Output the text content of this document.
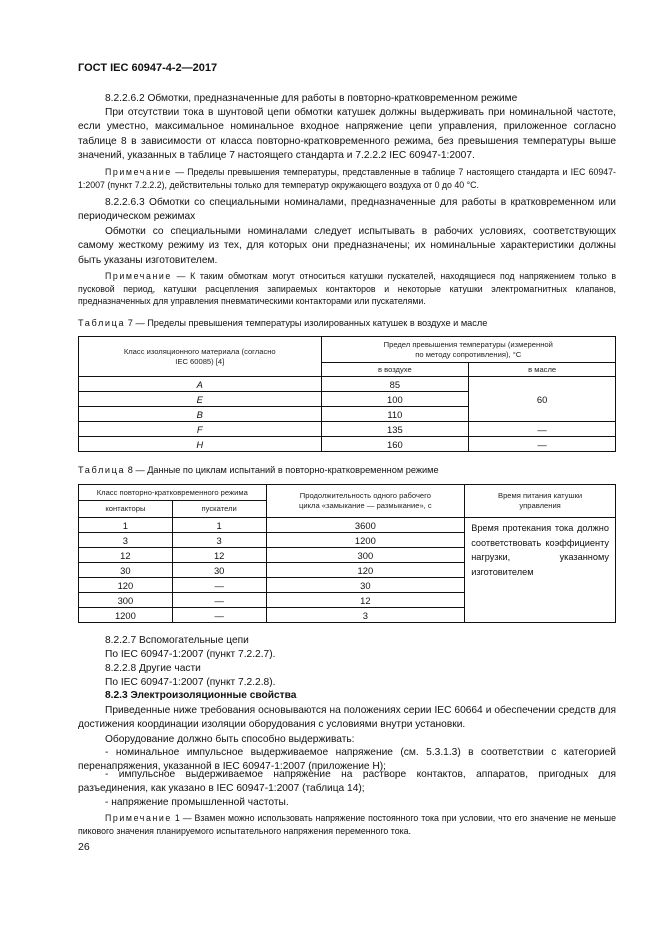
ГОСТ IEC 60947-4-2—2017
8.2.2.6.2 Обмотки, предназначенные для работы в повторно-кратковременном режиме
При отсутствии тока в шунтовой цепи обмотки катушек должны выдерживать при номинальной частоте, если уместно, максимальное номинальное входное напряжение цепи управления, приложенное согласно таблице 8 в зависимости от класса повторно-кратковременного режима, без превышения температуры выше значений, указанных в таблице 7 настоящего стандарта и 7.2.2.2 IEC 60947-1:2007.
Примечание — Пределы превышения температуры, представленные в таблице 7 настоящего стандарта и IEC 60947-1:2007 (пункт 7.2.2.2), действительны только для температур окружающего воздуха от 0 до 40 °С.
8.2.2.6.3 Обмотки со специальными номиналами, предназначенные для работы в кратковременном или периодическом режимах
Обмотки со специальными номиналами следует испытывать в рабочих условиях, соответствующих самому жесткому режиму из тех, для которых они предназначены; их номинальные характеристики должны быть указаны изготовителем.
Примечание — К таким обмоткам могут относиться катушки пускателей, находящиеся под напряжением только в пусковой период, катушки расцепления запираемых контакторов и некоторые катушки электромагнитных клапанов, предназначенных для управления пневматическими контакторами или пускателями.
Таблица 7 — Пределы превышения температуры изолированных катушек в воздухе и масле
Класс изоляционного материала (согласно IEC 60085) [4]	Предел превышения температуры (измеренной по методу сопротивления), °С	
	в воздухе	в масле
A	85	60
E	100	
B	110	
F	135	—
H	160	—
Таблица 8 — Данные по циклам испытаний в повторно-кратковременном режиме
Класс повторно-кратковременного режима		Продолжительность одного рабочего цикла «замыкание — размыкание», с	Время питания катушки управления
контакторы	пускатели		
1	1	3600	Время протекания тока должно соответствовать коэффициенту нагрузки, указанному изготовителем
3	3	1200	
12	12	300	
30	30	120	
120	—	30	
300	—	12	
1200	—	3	
8.2.2.7 Вспомогательные цепи
По IEC 60947-1:2007 (пункт 7.2.2.7).
8.2.2.8 Другие части
По IEC 60947-1:2007 (пункт 7.2.2.8).
8.2.3 Электроизоляционные свойства
Приведенные ниже требования основываются на положениях серии IEC 60664 и обеспечении средств для достижения координации изоляции оборудования с условиями внутри установки.
Оборудование должно быть способно выдерживать:
- номинальное импульсное выдерживаемое напряжение (см. 5.3.1.3) в соответствии с категорией перенапряжения, указанной в IEC 60947-1:2007 (приложение Н);
- импульсное выдерживаемое напряжение на растворе контактов, аппаратов, пригодных для разъединения, как указано в IEC 60947-1:2007 (таблица 14);
- напряжение промышленной частоты.
Примечание 1 — Взамен можно использовать напряжение постоянного тока при условии, что его значение не меньше пикового значения планируемого испытательного напряжения переменного тока.
26
